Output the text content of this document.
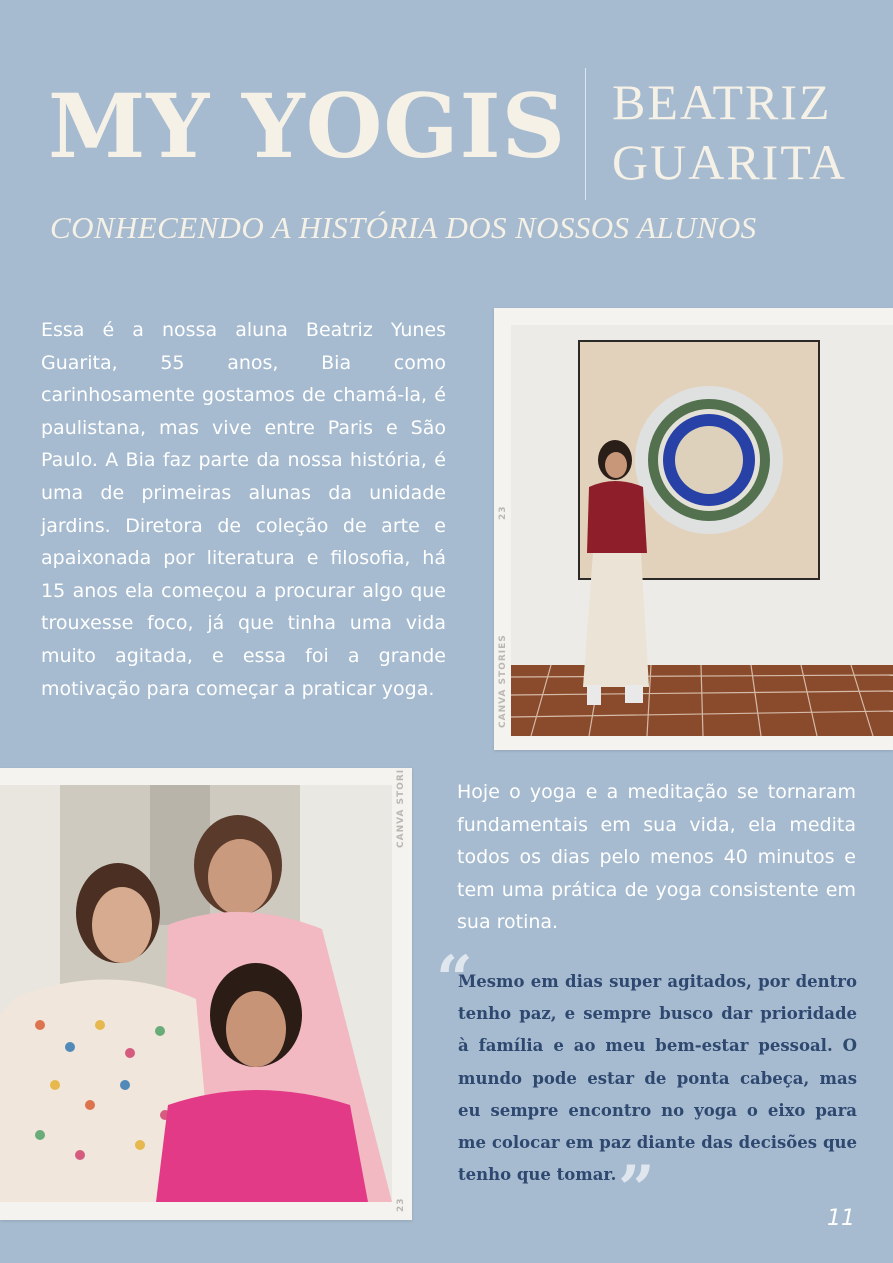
MY YOGIS BEATRIZ
GUARITA
CONHECENDO A HISTÓRIA DOS NOSSOS ALUNOS

Essa é a nossa aluna Beatriz Yunes Guarita, 55 anos, Bia como carinhosamente gostamos de chamá-la, é paulistana, mas vive entre Paris e São Paulo. A Bia faz parte da nossa história, é uma de primeiras alunas da unidade jardins. Diretora de coleção de arte e apaixonada por literatura e filosofia, há 15 anos ela começou a procurar algo que trouxesse foco, já que tinha uma vida muito agitada, e essa foi a grande motivação para começar a praticar yoga.	CANVA STORIES
23
CANVA STORI
23

Hoje o yoga e a meditação se tornaram fundamentais em sua vida, ela medita todos os dias pelo menos 40 minutos e tem uma prática de yoga consistente em sua rotina.

“

Mesmo em dias super agitados, por dentro tenho paz, e sempre busco dar prioridade à família e ao meu bem-estar pessoal. O mundo pode estar de ponta cabeça, mas eu sempre encontro no yoga o eixo para me colocar em paz diante das decisões que tenho que tomar. ”	11
